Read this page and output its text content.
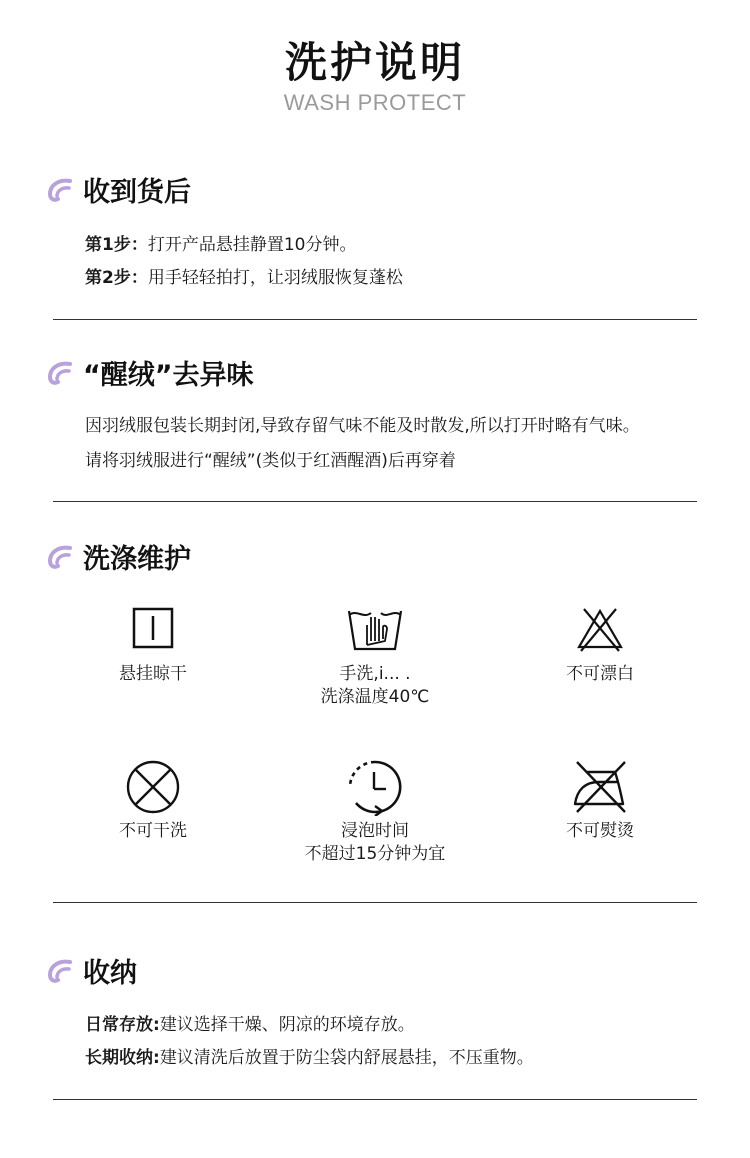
洗护说明
WASH PROTECT
收到货后
第1步：打开产品悬挂静置10分钟。
第2步：用手轻轻拍打，让羽绒服恢复蓬松
“醒绒”去异味
因羽绒服包装长期封闭,导致存留气味不能及时散发,所以打开时略有气味。
请将羽绒服进行“醒绒”(类似于红酒醒酒)后再穿着
洗涤维护
悬挂晾干	手洗,i... .
洗涤温度40℃
不可漂白
不可干洗	浸泡时间
不超过15分钟为宜
不可熨烫
收纳
日常存放:建议选择干燥、阴凉的环境存放。
长期收纳:建议清洗后放置于防尘袋内舒展悬挂，不压重物。
